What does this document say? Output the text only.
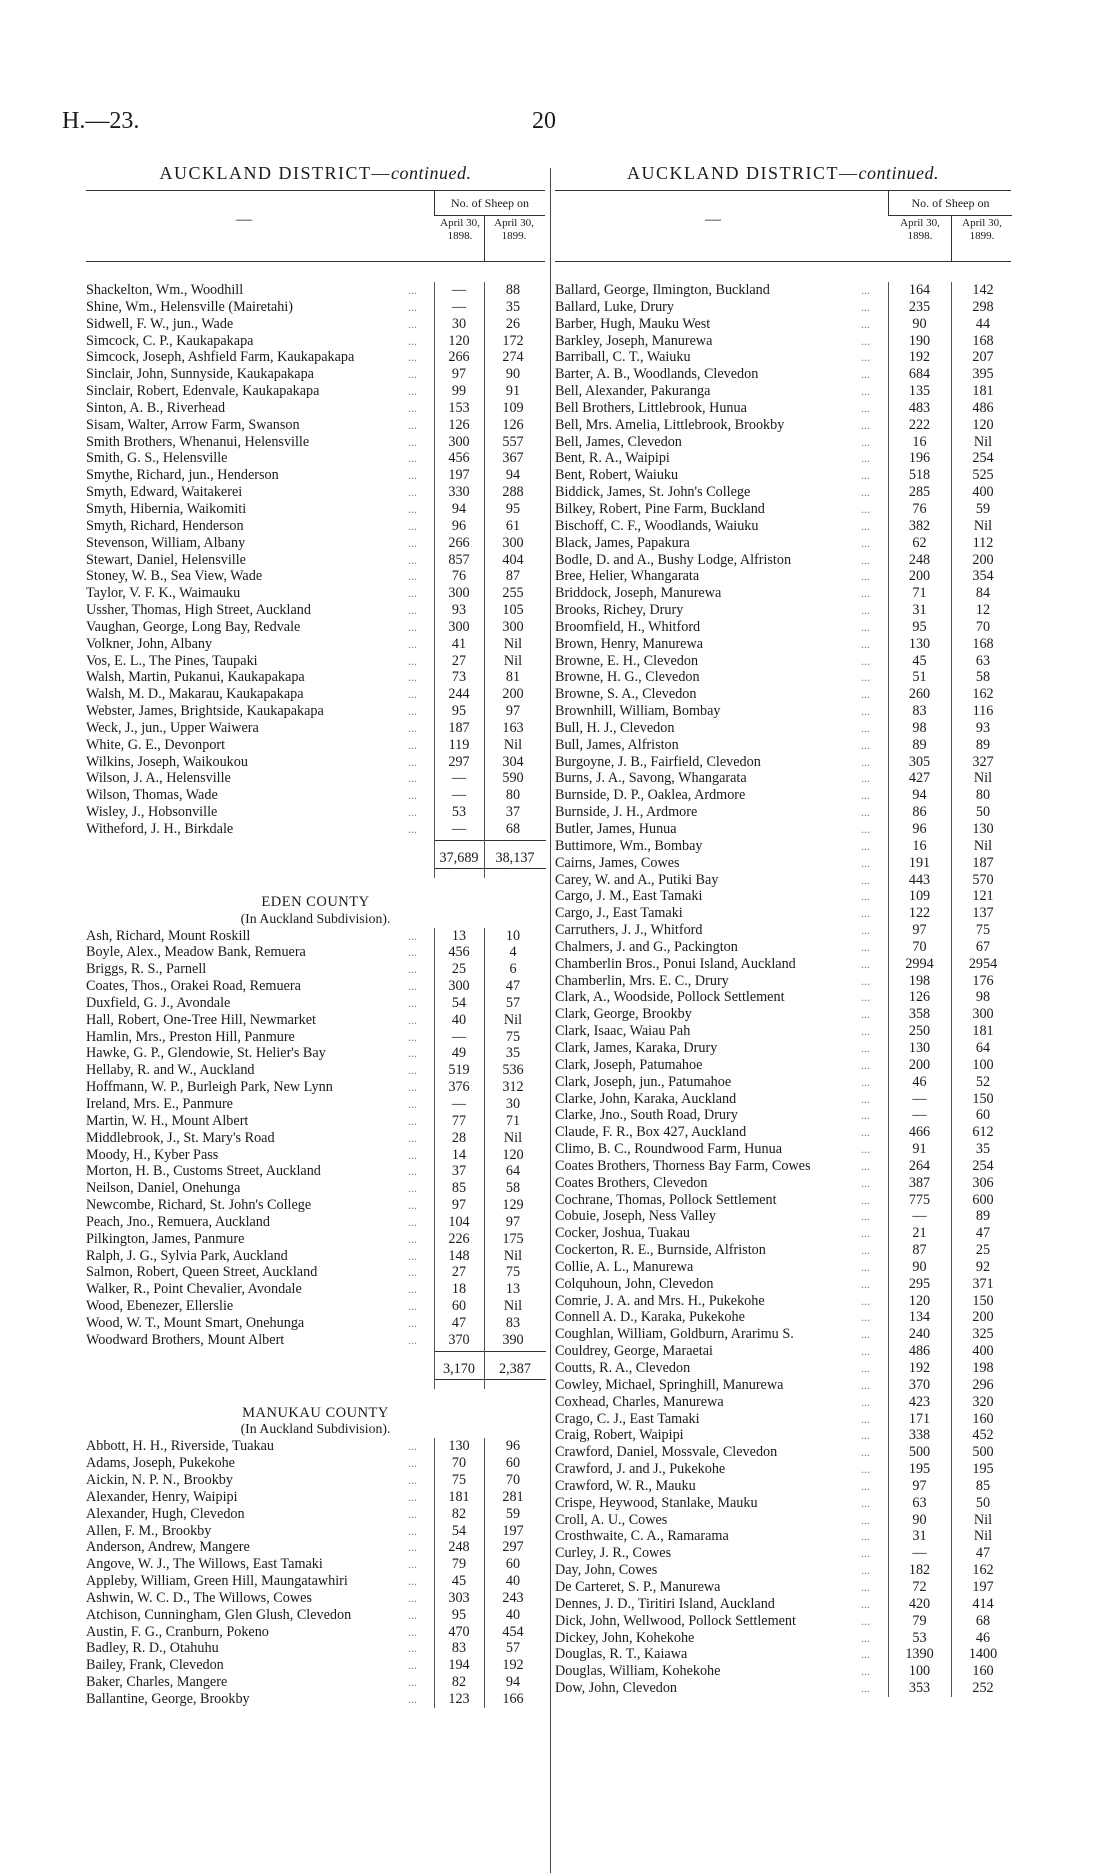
H.—23.	20
AUCKLAND DISTRICT—continued.
—
No. of Sheep on
April 30, 1898.
April 30, 1899.
Shackelton, Wm., Woodhill	...	—	88
Shine, Wm., Helensville (Mairetahi)	...	—	35
Sidwell, F. W., jun., Wade	...	30	26
Simcock, C. P., Kaukapakapa	...	120	172
Simcock, Joseph, Ashfield Farm, Kaukapakapa	...	266	274
Sinclair, John, Sunnyside, Kaukapakapa	...	97	90
Sinclair, Robert, Edenvale, Kaukapakapa	...	99	91
Sinton, A. B., Riverhead	...	153	109
Sisam, Walter, Arrow Farm, Swanson	...	126	126
Smith Brothers, Whenanui, Helensville	...	300	557
Smith, G. S., Helensville	...	456	367
Smythe, Richard, jun., Henderson	...	197	94
Smyth, Edward, Waitakerei	...	330	288
Smyth, Hibernia, Waikomiti	...	94	95
Smyth, Richard, Henderson	...	96	61
Stevenson, William, Albany	...	266	300
Stewart, Daniel, Helensville	...	857	404
Stoney, W. B., Sea View, Wade	...	76	87
Taylor, V. F. K., Waimauku	...	300	255
Ussher, Thomas, High Street, Auckland	...	93	105
Vaughan, George, Long Bay, Redvale	...	300	300
Volkner, John, Albany	...	41	Nil
Vos, E. L., The Pines, Taupaki	...	27	Nil
Walsh, Martin, Pukanui, Kaukapakapa	...	73	81
Walsh, M. D., Makarau, Kaukapakapa	...	244	200
Webster, James, Brightside, Kaukapakapa	...	95	97
Weck, J., jun., Upper Waiwera	...	187	163
White, G. E., Devonport	...	119	Nil
Wilkins, Joseph, Waikoukou	...	297	304
Wilson, J. A., Helensville	...	—	590
Wilson, Thomas, Wade	...	—	80
Wisley, J., Hobsonville	...	53	37
Witheford, J. H., Birkdale	...	—	68
37,689	38,137
EDEN COUNTY
(In Auckland Subdivision).
Ash, Richard, Mount Roskill	...	13	10
Boyle, Alex., Meadow Bank, Remuera	...	456	4
Briggs, R. S., Parnell	...	25	6
Coates, Thos., Orakei Road, Remuera	...	300	47
Duxfield, G. J., Avondale	...	54	57
Hall, Robert, One-Tree Hill, Newmarket	...	40	Nil
Hamlin, Mrs., Preston Hill, Panmure	...	—	75
Hawke, G. P., Glendowie, St. Helier's Bay	...	49	35
Hellaby, R. and W., Auckland	...	519	536
Hoffmann, W. P., Burleigh Park, New Lynn	...	376	312
Ireland, Mrs. E., Panmure	...	—	30
Martin, W. H., Mount Albert	...	77	71
Middlebrook, J., St. Mary's Road	...	28	Nil
Moody, H., Kyber Pass	...	14	120
Morton, H. B., Customs Street, Auckland	...	37	64
Neilson, Daniel, Onehunga	...	85	58
Newcombe, Richard, St. John's College	...	97	129
Peach, Jno., Remuera, Auckland	...	104	97
Pilkington, James, Panmure	...	226	175
Ralph, J. G., Sylvia Park, Auckland	...	148	Nil
Salmon, Robert, Queen Street, Auckland	...	27	75
Walker, R., Point Chevalier, Avondale	...	18	13
Wood, Ebenezer, Ellerslie	...	60	Nil
Wood, W. T., Mount Smart, Onehunga	...	47	83
Woodward Brothers, Mount Albert	...	370	390
3,170	2,387
MANUKAU COUNTY
(In Auckland Subdivision).
Abbott, H. H., Riverside, Tuakau	...	130	96
Adams, Joseph, Pukekohe	...	70	60
Aickin, N. P. N., Brookby	...	75	70
Alexander, Henry, Waipipi	...	181	281
Alexander, Hugh, Clevedon	...	82	59
Allen, F. M., Brookby	...	54	197
Anderson, Andrew, Mangere	...	248	297
Angove, W. J., The Willows, East Tamaki	...	79	60
Appleby, William, Green Hill, Maungatawhiri	...	45	40
Ashwin, W. C. D., The Willows, Cowes	...	303	243
Atchison, Cunningham, Glen Glush, Clevedon	...	95	40
Austin, F. G., Cranburn, Pokeno	...	470	454
Badley, R. D., Otahuhu	...	83	57
Bailey, Frank, Clevedon	...	194	192
Baker, Charles, Mangere	...	82	94
Ballantine, George, Brookby	...	123	166
AUCKLAND DISTRICT—continued.
—
No. of Sheep on
April 30, 1898.
April 30, 1899.
Ballard, George, Ilmington, Buckland	...	164	142
Ballard, Luke, Drury	...	235	298
Barber, Hugh, Mauku West	...	90	44
Barkley, Joseph, Manurewa	...	190	168
Barriball, C. T., Waiuku	...	192	207
Barter, A. B., Woodlands, Clevedon	...	684	395
Bell, Alexander, Pakuranga	...	135	181
Bell Brothers, Littlebrook, Hunua	...	483	486
Bell, Mrs. Amelia, Littlebrook, Brookby	...	222	120
Bell, James, Clevedon	...	16	Nil
Bent, R. A., Waipipi	...	196	254
Bent, Robert, Waiuku	...	518	525
Biddick, James, St. John's College	...	285	400
Bilkey, Robert, Pine Farm, Buckland	...	76	59
Bischoff, C. F., Woodlands, Waiuku	...	382	Nil
Black, James, Papakura	...	62	112
Bodle, D. and A., Bushy Lodge, Alfriston	...	248	200
Bree, Helier, Whangarata	...	200	354
Briddock, Joseph, Manurewa	...	71	84
Brooks, Richey, Drury	...	31	12
Broomfield, H., Whitford	...	95	70
Brown, Henry, Manurewa	...	130	168
Browne, E. H., Clevedon	...	45	63
Browne, H. G., Clevedon	...	51	58
Browne, S. A., Clevedon	...	260	162
Brownhill, William, Bombay	...	83	116
Bull, H. J., Clevedon	...	98	93
Bull, James, Alfriston	...	89	89
Burgoyne, J. B., Fairfield, Clevedon	...	305	327
Burns, J. A., Savong, Whangarata	...	427	Nil
Burnside, D. P., Oaklea, Ardmore	...	94	80
Burnside, J. H., Ardmore	...	86	50
Butler, James, Hunua	...	96	130
Buttimore, Wm., Bombay	...	16	Nil
Cairns, James, Cowes	...	191	187
Carey, W. and A., Putiki Bay	...	443	570
Cargo, J. M., East Tamaki	...	109	121
Cargo, J., East Tamaki	...	122	137
Carruthers, J. J., Whitford	...	97	75
Chalmers, J. and G., Packington	...	70	67
Chamberlin Bros., Ponui Island, Auckland	...	2994	2954
Chamberlin, Mrs. E. C., Drury	...	198	176
Clark, A., Woodside, Pollock Settlement	...	126	98
Clark, George, Brookby	...	358	300
Clark, Isaac, Waiau Pah	...	250	181
Clark, James, Karaka, Drury	...	130	64
Clark, Joseph, Patumahoe	...	200	100
Clark, Joseph, jun., Patumahoe	...	46	52
Clarke, John, Karaka, Auckland	...	—	150
Clarke, Jno., South Road, Drury	...	—	60
Claude, F. R., Box 427, Auckland	...	466	612
Climo, B. C., Roundwood Farm, Hunua	...	91	35
Coates Brothers, Thorness Bay Farm, Cowes	...	264	254
Coates Brothers, Clevedon	...	387	306
Cochrane, Thomas, Pollock Settlement	...	775	600
Cobuie, Joseph, Ness Valley	...	—	89
Cocker, Joshua, Tuakau	...	21	47
Cockerton, R. E., Burnside, Alfriston	...	87	25
Collie, A. L., Manurewa	...	90	92
Colquhoun, John, Clevedon	...	295	371
Comrie, J. A. and Mrs. H., Pukekohe	...	120	150
Connell A. D., Karaka, Pukekohe	...	134	200
Coughlan, William, Goldburn, Ararimu S.	...	240	325
Couldrey, George, Maraetai	...	486	400
Coutts, R. A., Clevedon	...	192	198
Cowley, Michael, Springhill, Manurewa	...	370	296
Coxhead, Charles, Manurewa	...	423	320
Crago, C. J., East Tamaki	...	171	160
Craig, Robert, Waipipi	...	338	452
Crawford, Daniel, Mossvale, Clevedon	...	500	500
Crawford, J. and J., Pukekohe	...	195	195
Crawford, W. R., Mauku	...	97	85
Crispe, Heywood, Stanlake, Mauku	...	63	50
Croll, A. U., Cowes	...	90	Nil
Crosthwaite, C. A., Ramarama	...	31	Nil
Curley, J. R., Cowes	...	—	47
Day, John, Cowes	...	182	162
De Carteret, S. P., Manurewa	...	72	197
Dennes, J. D., Tiritiri Island, Auckland	...	420	414
Dick, John, Wellwood, Pollock Settlement	...	79	68
Dickey, John, Kohekohe	...	53	46
Douglas, R. T., Kaiawa	...	1390	1400
Douglas, William, Kohekohe	...	100	160
Dow, John, Clevedon	...	353	252
